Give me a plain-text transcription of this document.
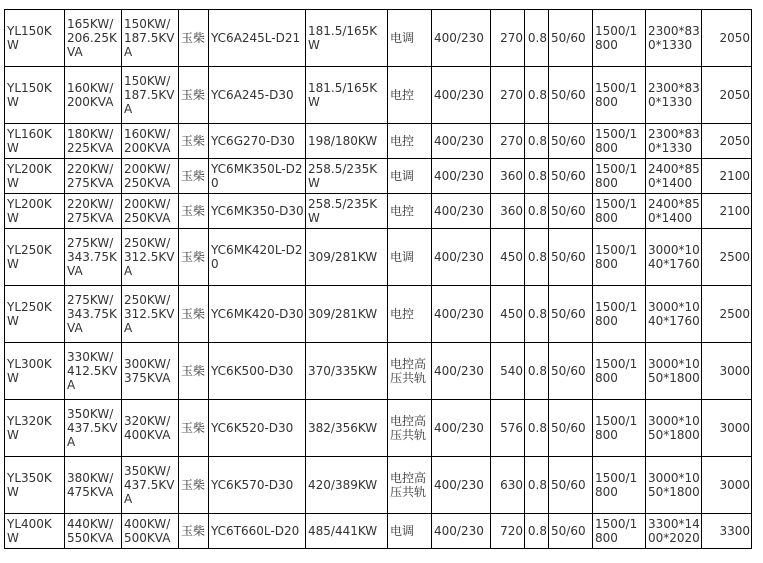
YL150KW	165KW/206.25KVA	150KW/187.5KVA	玉柴	YC6A245L-D21	181.5/165KW	电调	400/230	270	0.8	50/60	1500/1800	2300*830*1330	2050
YL150KW	160KW/200KVA	150KW/187.5KVA	玉柴	YC6A245-D30	181.5/165KW	电控	400/230	270	0.8	50/60	1500/1800	2300*830*1330	2050
YL160KW	180KW/225KVA	160KW/200KVA	玉柴	YC6G270-D30	198/180KW	电控	400/230	270	0.8	50/60	1500/1800	2300*830*1330	2050
YL200KW	220KW/275KVA	200KW/250KVA	玉柴	YC6MK350L-D20	258.5/235KW	电调	400/230	360	0.8	50/60	1500/1800	2400*850*1400	2100
YL200KW	220KW/275KVA	200KW/250KVA	玉柴	YC6MK350-D30	258.5/235KW	电控	400/230	360	0.8	50/60	1500/1800	2400*850*1400	2100
YL250KW	275KW/343.75KVA	250KW/312.5KVA	玉柴	YC6MK420L-D20	309/281KW	电调	400/230	450	0.8	50/60	1500/1800	3000*1040*1760	2500
YL250KW	275KW/343.75KVA	250KW/312.5KVA	玉柴	YC6MK420-D30	309/281KW	电控	400/230	450	0.8	50/60	1500/1800	3000*1040*1760	2500
YL300KW	330KW/412.5KVA	300KW/375KVA	玉柴	YC6K500-D30	370/335KW	电控高压共轨	400/230	540	0.8	50/60	1500/1800	3000*1050*1800	3000
YL320KW	350KW/437.5KVA	320KW/400KVA	玉柴	YC6K520-D30	382/356KW	电控高压共轨	400/230	576	0.8	50/60	1500/1800	3000*1050*1800	3000
YL350KW	380KW/475KVA	350KW/437.5KVA	玉柴	YC6K570-D30	420/389KW	电控高压共轨	400/230	630	0.8	50/60	1500/1800	3000*1050*1800	3000
YL400KW	440KW/550KVA	400KW/500KVA	玉柴	YC6T660L-D20	485/441KW	电调	400/230	720	0.8	50/60	1500/1800	3300*1400*2020	3300
